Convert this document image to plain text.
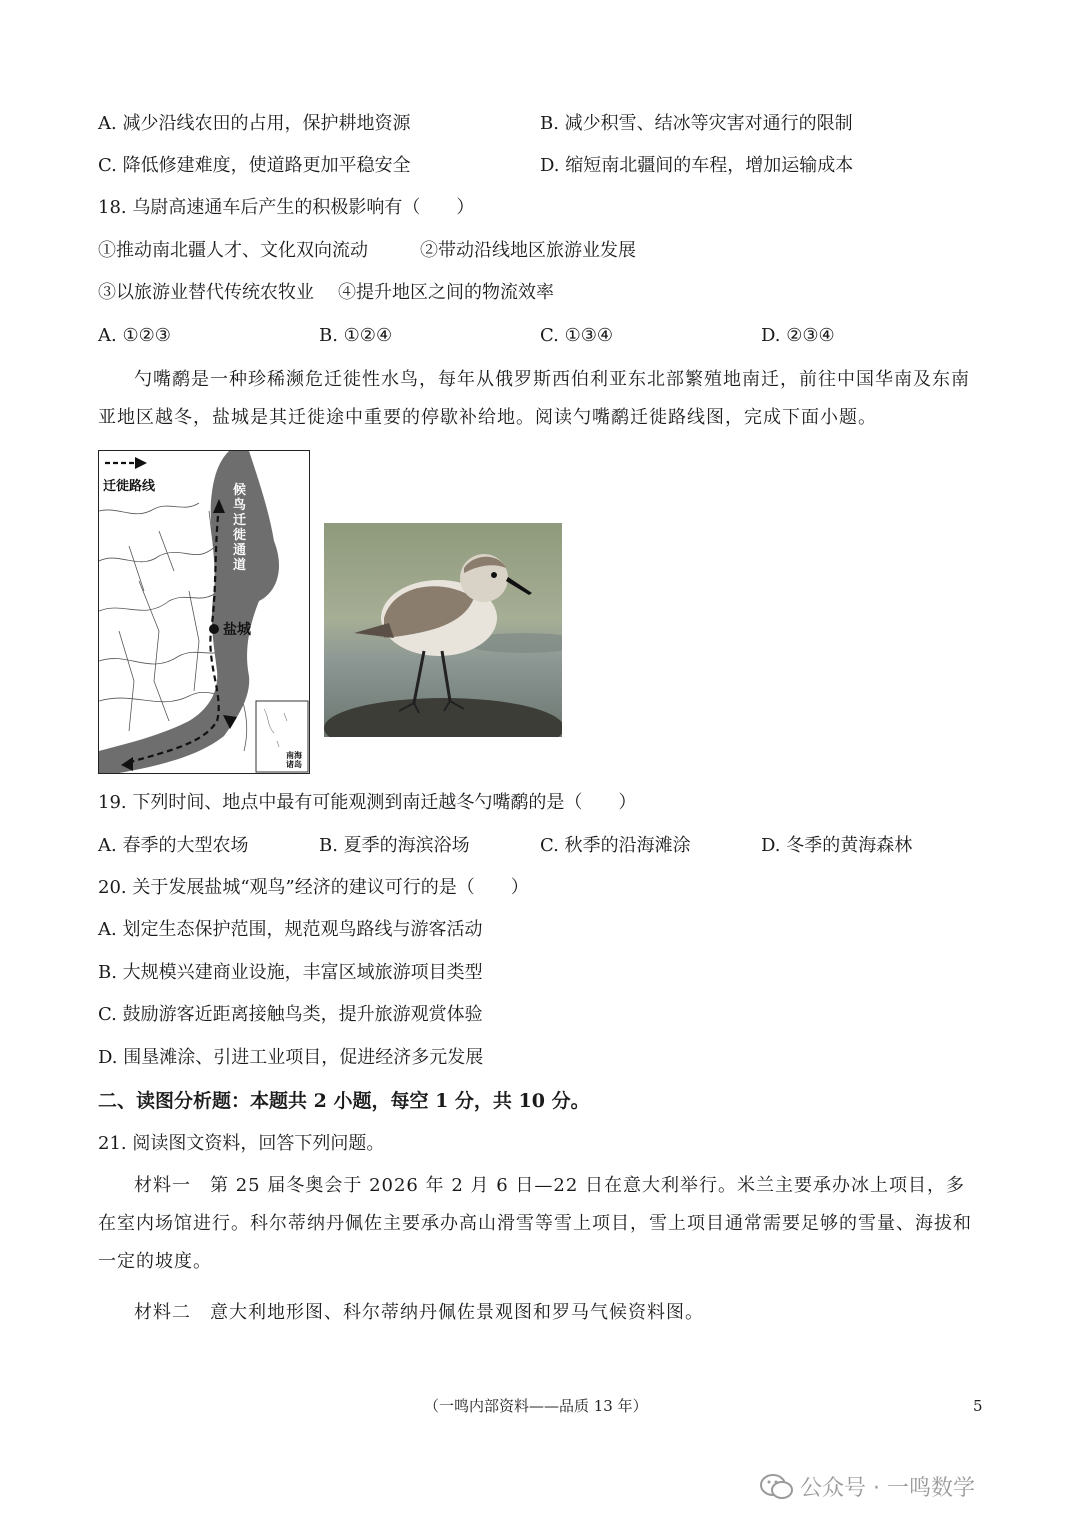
A. 减少沿线农田的占用，保护耕地资源	B. 减少积雪、结冰等灾害对通行的限制
C. 降低修建难度，使道路更加平稳安全	D. 缩短南北疆间的车程，增加运输成本
18. 乌尉高速通车后产生的积极影响有（　　）
①推动南北疆人才、文化双向流动	②带动沿线地区旅游业发展
③以旅游业替代传统农牧业 ④提升地区之间的物流效率
A. ①②③	B. ①②④	C. ①③④	D. ②③④
勺嘴鹬是一种珍稀濒危迁徙性水鸟，每年从俄罗斯西伯利亚东北部繁殖地南迁，前往中国华南及东南亚地区越冬，盐城是其迁徙途中重要的停歇补给地。阅读勺嘴鹬迁徙路线图，完成下面小题。
迁徙路线	候鸟迁徙通道
盐城
南海诸岛
19. 下列时间、地点中最有可能观测到南迁越冬勺嘴鹬的是（　　）
A. 春季的大型农场	B. 夏季的海滨浴场	C. 秋季的沿海滩涂	D. 冬季的黄海森林
20. 关于发展盐城“观鸟”经济的建议可行的是（　　）
A. 划定生态保护范围，规范观鸟路线与游客活动
B. 大规模兴建商业设施，丰富区域旅游项目类型
C. 鼓励游客近距离接触鸟类，提升旅游观赏体验
D. 围垦滩涂、引进工业项目，促进经济多元发展
二、读图分析题：本题共 2 小题，每空 1 分，共 10 分。
21. 阅读图文资料，回答下列问题。
材料一　第 25 届冬奥会于 2026 年 2 月 6 日—22 日在意大利举行。米兰主要承办冰上项目，多在室内场馆进行。科尔蒂纳丹佩佐主要承办高山滑雪等雪上项目，雪上项目通常需要足够的雪量、海拔和一定的坡度。
材料二　意大利地形图、科尔蒂纳丹佩佐景观图和罗马气候资料图。
（一鸣内部资料——品质 13 年）	5
公众号 · 一鸣数学
